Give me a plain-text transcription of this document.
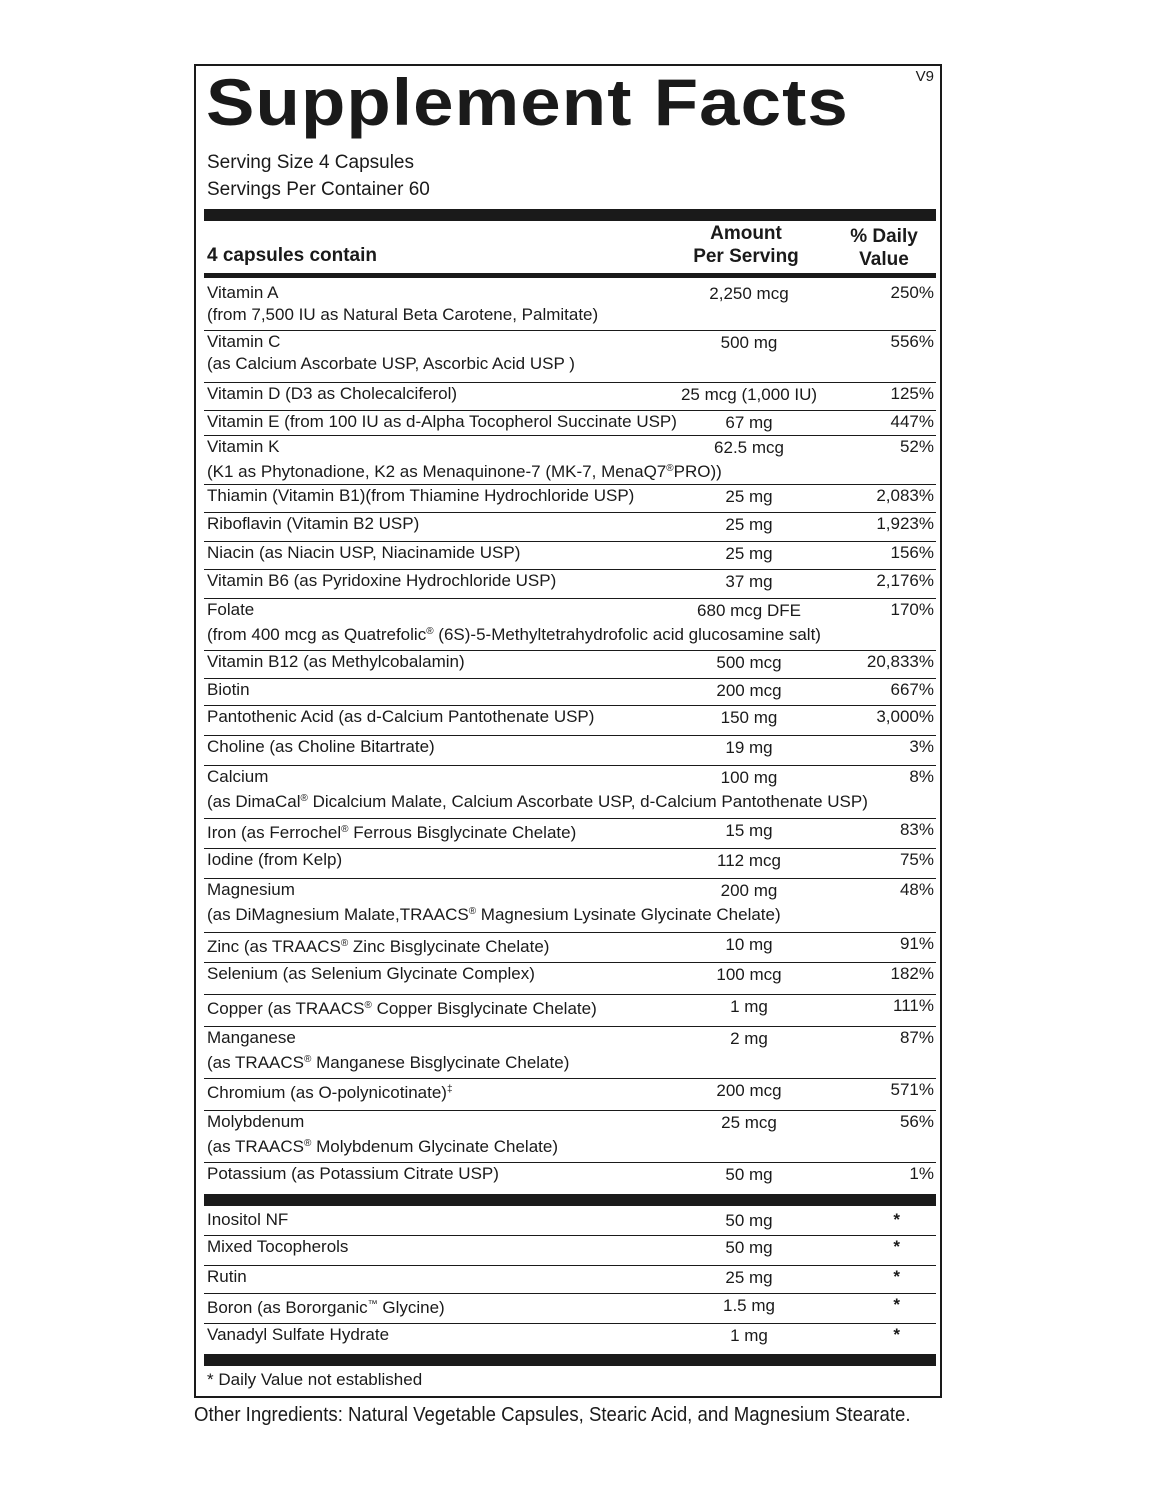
V9
Supplement Facts
Serving Size 4 Capsules
Servings Per Container 60
4 capsules contain
Amount
Per Serving
% Daily
Value
Vitamin A
(from 7,500 IU as Natural Beta Carotene, Palmitate)
2,250 mcg	250%
Vitamin C
(as Calcium Ascorbate USP, Ascorbic Acid USP )
500 mg	556%
Vitamin D (D3 as Cholecalciferol)	25 mcg (1,000 IU)	125%
Vitamin E (from 100 IU as d-Alpha Tocopherol Succinate USP)	67 mg	447%
Vitamin K
(K1 as Phytonadione, K2 as Menaquinone-7 (MK-7, MenaQ7®PRO))
62.5 mcg	52%
Thiamin (Vitamin B1)(from Thiamine Hydrochloride USP)	25 mg	2,083%
Riboflavin (Vitamin B2 USP)	25 mg	1,923%
Niacin (as Niacin USP, Niacinamide USP)	25 mg	156%
Vitamin B6 (as Pyridoxine Hydrochloride USP)	37 mg	2,176%
Folate
(from 400 mcg as Quatrefolic® (6S)-5-Methyltetrahydrofolic acid glucosamine salt)
680 mcg DFE	170%
Vitamin B12 (as Methylcobalamin)	500 mcg	20,833%
Biotin	200 mcg	667%
Pantothenic Acid (as d-Calcium Pantothenate USP)	150 mg	3,000%
Choline (as Choline Bitartrate)	19 mg	3%
Calcium
(as DimaCal® Dicalcium Malate, Calcium Ascorbate USP, d-Calcium Pantothenate USP)
100 mg	8%
Iron (as Ferrochel® Ferrous Bisglycinate Chelate)	15 mg	83%
Iodine (from Kelp)	112 mcg	75%
Magnesium
(as DiMagnesium Malate,TRAACS® Magnesium Lysinate Glycinate Chelate)
200 mg	48%
Zinc (as TRAACS® Zinc Bisglycinate Chelate)	10 mg	91%
Selenium (as Selenium Glycinate Complex)	100 mcg	182%
Copper (as TRAACS® Copper Bisglycinate Chelate)	1 mg	111%
Manganese
(as TRAACS® Manganese Bisglycinate Chelate)
2 mg	87%
Chromium (as O-polynicotinate)‡	200 mcg	571%
Molybdenum
(as TRAACS® Molybdenum Glycinate Chelate)
25 mcg	56%
Potassium (as Potassium Citrate USP)	50 mg	1%
Inositol NF	50 mg	*
Mixed Tocopherols	50 mg	*
Rutin	25 mg	*
Boron (as Bororganic™ Glycine)	1.5 mg	*
Vanadyl Sulfate Hydrate	1 mg	*
* Daily Value not established
Other Ingredients: Natural Vegetable Capsules, Stearic Acid, and Magnesium Stearate.
